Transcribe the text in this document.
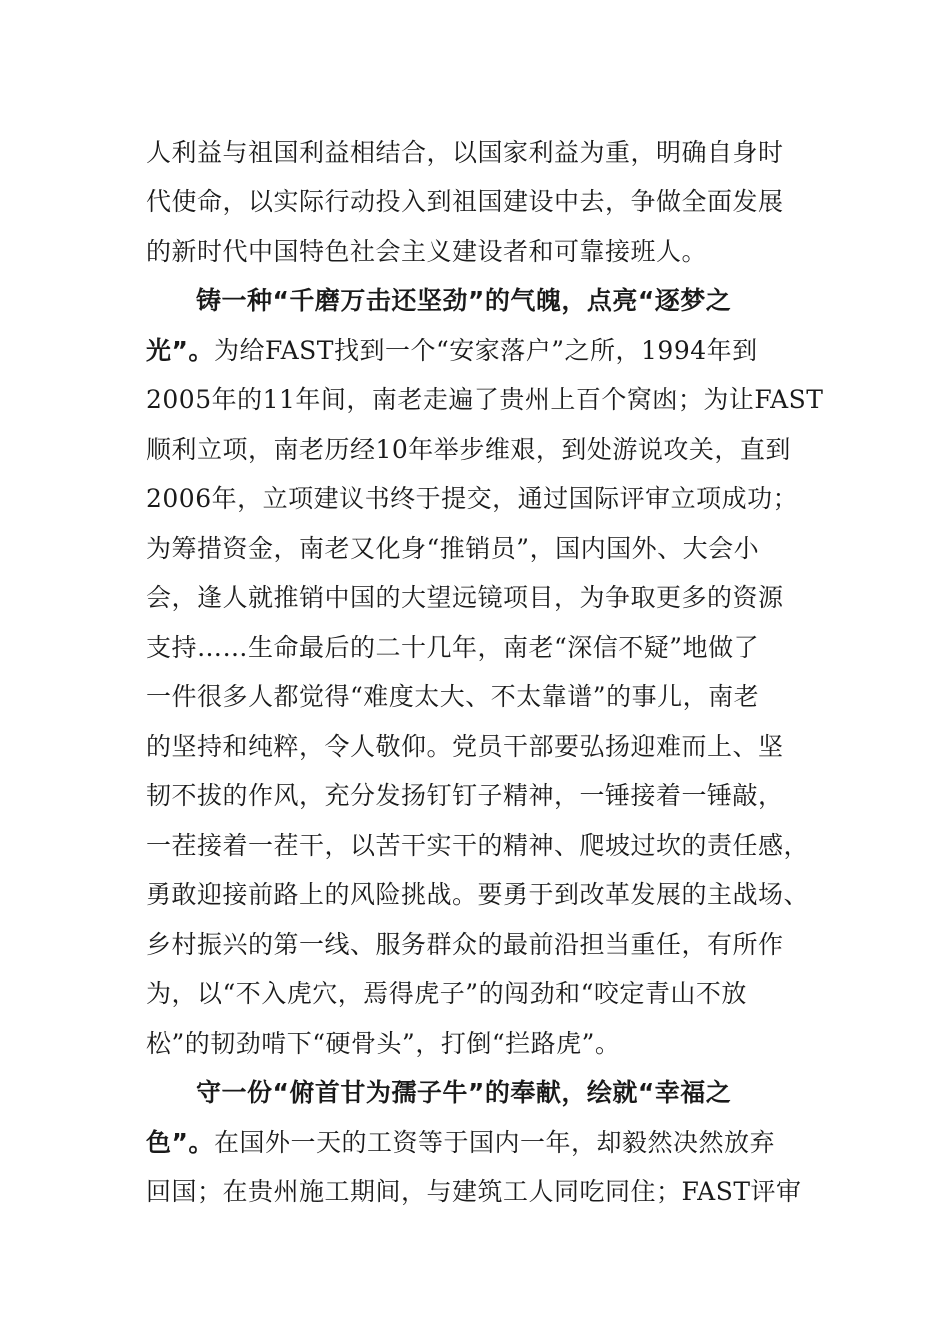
人利益与祖国利益相结合，以国家利益为重，明确自身时
代使命，以实际行动投入到祖国建设中去，争做全面发展
的新时代中国特色社会主义建设者和可靠接班人。
铸一种“千磨万击还坚劲”的气魄，点亮“逐梦之
光”。为给FAST找到一个“安家落户”之所，1994年到
2005年的11年间，南老走遍了贵州上百个窝凼；为让FAST
顺利立项，南老历经10年举步维艰，到处游说攻关，直到
2006年，立项建议书终于提交，通过国际评审立项成功；
为筹措资金，南老又化身“推销员”，国内国外、大会小
会，逢人就推销中国的大望远镜项目，为争取更多的资源
支持……生命最后的二十几年，南老“深信不疑”地做了
一件很多人都觉得“难度太大、不太靠谱”的事儿，南老
的坚持和纯粹，令人敬仰。党员干部要弘扬迎难而上、坚
韧不拔的作风，充分发扬钉钉子精神，一锤接着一锤敲，
一茬接着一茬干，以苦干实干的精神、爬坡过坎的责任感，
勇敢迎接前路上的风险挑战。要勇于到改革发展的主战场、
乡村振兴的第一线、服务群众的最前沿担当重任，有所作
为，以“不入虎穴，焉得虎子”的闯劲和“咬定青山不放
松”的韧劲啃下“硬骨头”，打倒“拦路虎”。
守一份“俯首甘为孺子牛”的奉献，绘就“幸福之
色”。在国外一天的工资等于国内一年，却毅然决然放弃
回国；在贵州施工期间，与建筑工人同吃同住；FAST评审
